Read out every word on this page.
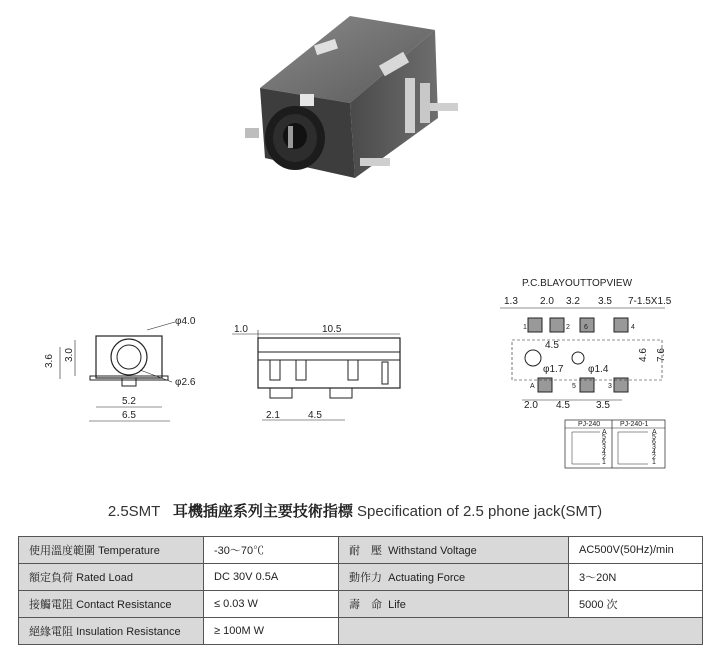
φ4.0
3.6 3.0
φ2.6
5.2
6.5
1.0	10.5
2.1	4.5
P.C.BLAYOUTTOPVIEW
1.3 2.0 3.2 3.5 7-1.5X1.5
1	2 6	4
A	5	3
4.5
φ1.7 φ1.4
4.6 7.6
2.0 4.5	3.5
PJ-240	PJ-240-1
A
5
6
3
4
2
1
A
5
6
3
4
2
1
2.5SMT 耳機插座系列主要技術指標 Specification of 2.5 phone jack(SMT)
使用溫度範圍 Temperature	-30～70℃	耐　壓 Withstand Voltage	AC500V(50Hz)/min
額定負荷 Rated Load	DC 30V 0.5A	動作力 Actuating Force	3～20N
接觸電阻 Contact Resistance	≤ 0.03 W	壽　命 Life	5000 次
絕緣電阻 Insulation Resistance	≥ 100M W		
